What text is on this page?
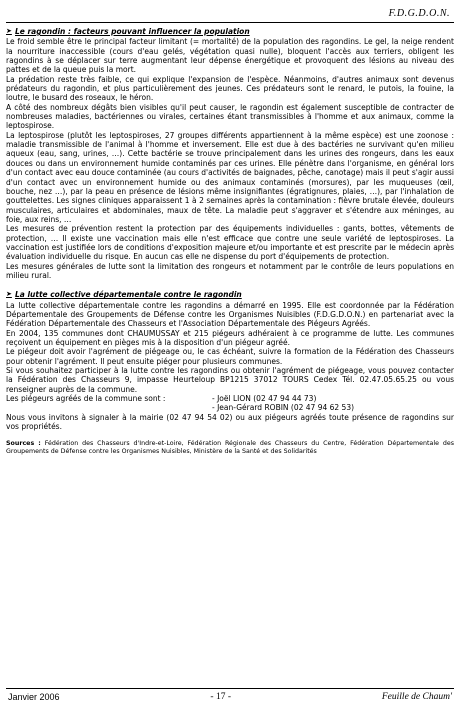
F.D.G.D.O.N.
➤ Le ragondin : facteurs pouvant influencer la population

Le froid semble être le principal facteur limitant (= mortalité) de la population des ragondins. Le gel, la neige rendent la nourriture inaccessible (cours d'eau gelés, végétation quasi nulle), bloquent l'accès aux terriers, obligent les ragondins à se déplacer sur terre augmentant leur dépense énergétique et provoquent des lésions au niveau des pattes et de la queue puis la mort.

La prédation reste très faible, ce qui explique l'expansion de l'espèce. Néanmoins, d'autres animaux sont devenus prédateurs du ragondin, et plus particulièrement des jeunes. Ces prédateurs sont le renard, le putois, la fouine, la loutre, le busard des roseaux, le héron.

A côté des nombreux dégâts bien visibles qu'il peut causer, le ragondin est également susceptible de contracter de nombreuses maladies, bactériennes ou virales, certaines étant transmissibles à l'homme et aux animaux, comme la leptospirose.

La leptospirose (plutôt les leptospiroses, 27 groupes différents appartiennent à la même espèce) est une zoonose : maladie transmissible de l'animal à l'homme et inversement. Elle est due à des bactéries ne survivant qu'en milieu aqueux (eau, sang, urines, …). Cette bactérie se trouve principalement dans les urines des rongeurs, dans les eaux douces ou dans un environnement humide contaminés par ces urines. Elle pénètre dans l'organisme, en général lors d'un contact avec eau douce contaminée (au cours d'activités de baignades, pêche, canotage) mais il peut s'agir aussi d'un contact avec un environnement humide ou des animaux contaminés (morsures), par les muqueuses (œil, bouche, nez …), par la peau en présence de lésions même insignifiantes (égratignures, plaies, …), par l'inhalation de gouttelettes. Les signes cliniques apparaissent 1 à 2 semaines après la contamination : fièvre brutale élevée, douleurs musculaires, articulaires et abdominales, maux de tête. La maladie peut s'aggraver et s'étendre aux méninges, au foie, aux reins, …

Les mesures de prévention restent la protection par des équipements individuelles : gants, bottes, vêtements de protection, … Il existe une vaccination mais elle n'est efficace que contre une seule variété de leptospiroses. La vaccination est justifiée lors de conditions d'exposition majeure et/ou importante et est prescrite par le médecin après évaluation individuelle du risque. En aucun cas elle ne dispense du port d'équipements de protection.

Les mesures générales de lutte sont la limitation des rongeurs et notamment par le contrôle de leurs populations en milieu rural.

➤ La lutte collective départementale contre le ragondin

La lutte collective départementale contre les ragondins a démarré en 1995. Elle est coordonnée par la Fédération Départementale des Groupements de Défense contre les Organismes Nuisibles (F.D.G.D.O.N.) en partenariat avec la Fédération Départementale des Chasseurs et l'Association Départementale des Piégeurs Agréés.

En 2004, 135 communes dont CHAUMUSSAY et 215 piégeurs adhéraient à ce programme de lutte. Les communes reçoivent un équipement en pièges mis à la disposition d'un piégeur agréé.

Le piégeur doit avoir l'agrément de piégeage ou, le cas échéant, suivre la formation de la Fédération des Chasseurs pour obtenir l'agrément. Il peut ensuite piéger pour plusieurs communes.

Si vous souhaitez participer à la lutte contre les ragondins ou obtenir l'agrément de piégeage, vous pouvez contacter la Fédération des Chasseurs 9, impasse Heurteloup BP1215 37012 TOURS Cedex Tél. 02.47.05.65.25 ou vous renseigner auprès de la commune.

Les piégeurs agréés de la commune sont :	- Joël LION (02 47 94 44 73)
- Jean-Gérard ROBIN (02 47 94 62 53)

Nous vous invitons à signaler à la mairie (02 47 94 54 02) ou aux piégeurs agréés toute présence de ragondins sur vos propriétés.

Sources : Fédération des Chasseurs d'Indre-et-Loire, Fédération Régionale des Chasseurs du Centre, Fédération Départementale des Groupements de Défense contre les Organismes Nuisibles, Ministère de la Santé et des Solidarités
Janvier 2006	- 17 -	Feuille de Chaum'
